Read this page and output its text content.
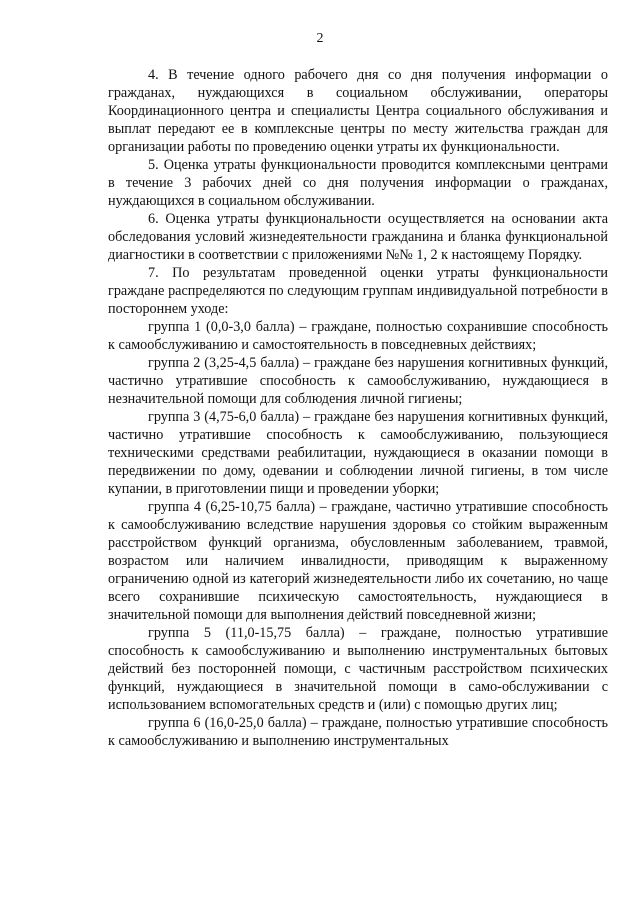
2

4. В течение одного рабочего дня со дня получения информации о гражданах, нуждающихся в социальном обслуживании, операторы Координационного центра и специалисты Центра социального обслуживания и выплат передают ее в комплексные центры по месту жительства граждан для организации работы по проведению оценки утраты их функциональности.

5. Оценка утраты функциональности проводится комплексными центрами в течение 3 рабочих дней со дня получения информации о гражданах, нуждающихся в социальном обслуживании.

6. Оценка утраты функциональности осуществляется на основании акта обследования условий жизнедеятельности гражданина и бланка функциональной диагностики в соответствии с приложениями №№ 1, 2 к настоящему Порядку.

7. По результатам проведенной оценки утраты функциональности граждане распределяются по следующим группам индивидуальной потребности в постороннем уходе:

группа 1 (0,0-3,0 балла) – граждане, полностью сохранившие способность к самообслуживанию и самостоятельность в повседневных действиях;

группа 2 (3,25-4,5 балла) – граждане без нарушения когнитивных функций, частично утратившие способность к самообслуживанию, нуждающиеся в незначительной помощи для соблюдения личной гигиены;

группа 3 (4,75-6,0 балла) – граждане без нарушения когнитивных функций, частично утратившие способность к самообслуживанию, пользующиеся техническими средствами реабилитации, нуждающиеся в оказании помощи в передвижении по дому, одевании и соблюдении личной гигиены, в том числе купании, в приготовлении пищи и проведении уборки;

группа 4 (6,25-10,75 балла) – граждане, частично утратившие способность к самообслуживанию вследствие нарушения здоровья со стойким выраженным расстройством функций организма, обусловленным заболеванием, травмой, возрастом или наличием инвалидности, приводящим к выраженному ограничению одной из категорий жизнедеятельности либо их сочетанию, но чаще всего сохранившие психическую самостоятельность, нуждающиеся в значительной помощи для выполнения действий повседневной жизни;

группа 5 (11,0-15,75 балла) – граждане, полностью утратившие способность к самообслуживанию и выполнению инструментальных бытовых действий без посторонней помощи, с частичным расстройством психических функций, нуждающиеся в значительной помощи в само-обслуживании с использованием вспомогательных средств и (или) с помощью других лиц;

группа 6 (16,0-25,0 балла) – граждане, полностью утратившие способность к самообслуживанию и выполнению инструментальных
